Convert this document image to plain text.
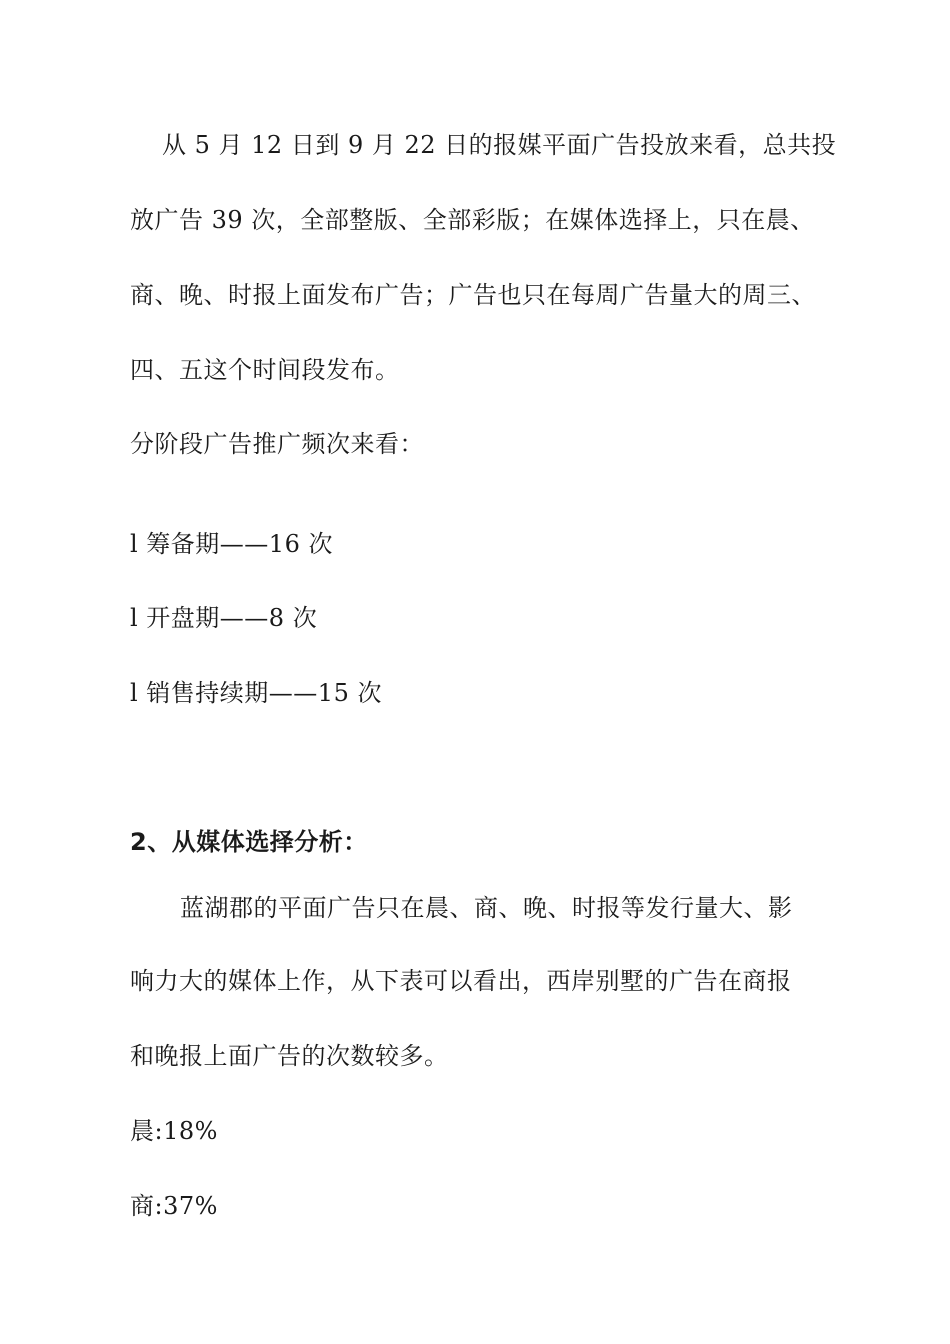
从 5 月 12 日到 9 月 22 日的报媒平面广告投放来看，总共投
放广告 39 次，全部整版、全部彩版；在媒体选择上，只在晨、
商、晚、时报上面发布广告；广告也只在每周广告量大的周三、
四、五这个时间段发布。
分阶段广告推广频次来看：
l 筹备期——16 次
l 开盘期——8 次
l 销售持续期——15 次
2、从媒体选择分析：
蓝湖郡的平面广告只在晨、商、晚、时报等发行量大、影
响力大的媒体上作，从下表可以看出，西岸别墅的广告在商报
和晚报上面广告的次数较多。
晨:18%
商:37%
